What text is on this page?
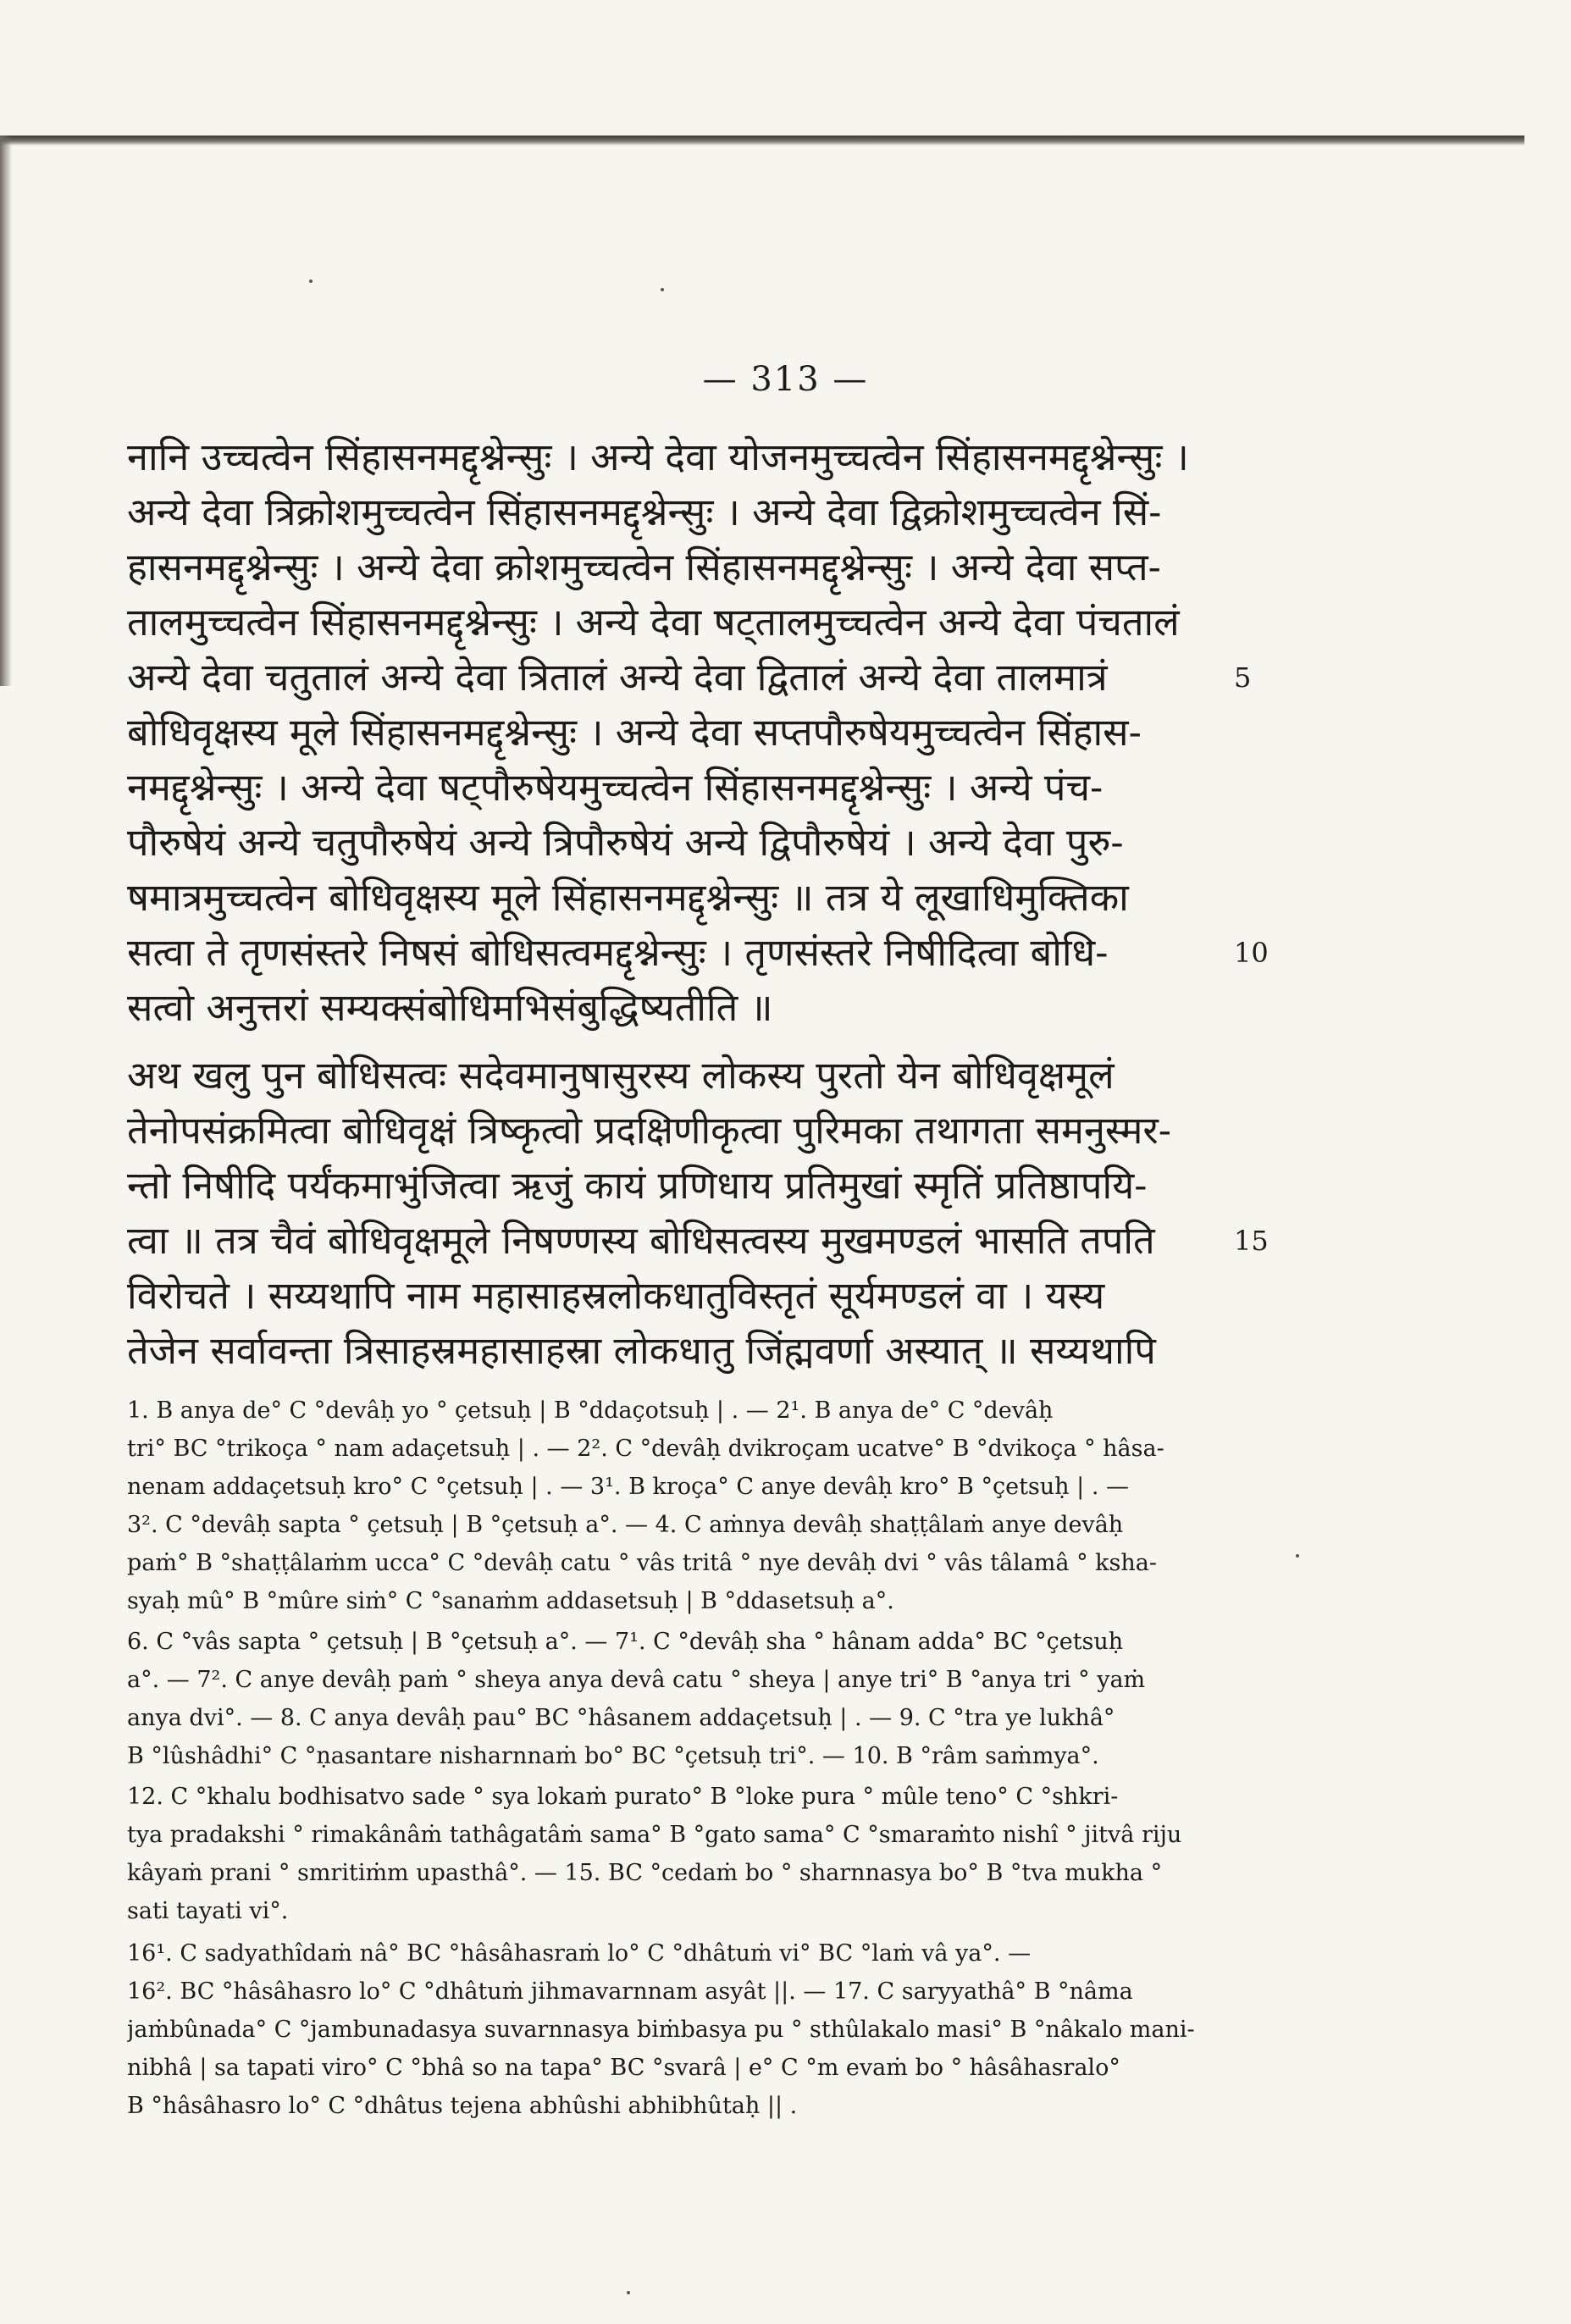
— 313 —
नानि उच्चत्वेन सिंहासनमद्दृश्नेन्सुः । अन्ये देवा योजनमुच्चत्वेन सिंहासनमद्दृश्नेन्सुः ।
अन्ये देवा त्रिक्रोशमुच्चत्वेन सिंहासनमद्दृश्नेन्सुः । अन्ये देवा द्विक्रोशमुच्चत्वेन सिं-
हासनमद्दृश्नेन्सुः । अन्ये देवा क्रोशमुच्चत्वेन सिंहासनमद्दृश्नेन्सुः । अन्ये देवा सप्त-
तालमुच्चत्वेन सिंहासनमद्दृश्नेन्सुः । अन्ये देवा षट्तालमुच्चत्वेन अन्ये देवा पंचतालं
अन्ये देवा चतुतालं अन्ये देवा त्रितालं अन्ये देवा द्वितालं अन्ये देवा तालमात्रं
बोधिवृक्षस्य मूले सिंहासनमद्दृश्नेन्सुः । अन्ये देवा सप्तपौरुषेयमुच्चत्वेन सिंहास-
नमद्दृश्नेन्सुः । अन्ये देवा षट्पौरुषेयमुच्चत्वेन सिंहासनमद्दृश्नेन्सुः । अन्ये पंच-
पौरुषेयं अन्ये चतुपौरुषेयं अन्ये त्रिपौरुषेयं अन्ये द्विपौरुषेयं । अन्ये देवा पुरु-
षमात्रमुच्चत्वेन बोधिवृक्षस्य मूले सिंहासनमद्दृश्नेन्सुः ॥ तत्र ये लूखाधिमुक्तिका
सत्वा ते तृणसंस्तरे निषसं बोधिसत्वमद्दृश्नेन्सुः । तृणसंस्तरे निषीदित्वा बोधि-
सत्वो अनुत्तरां सम्यक्संबोधिमभिसंबुद्धिष्यतीति ॥
अथ खलु पुन बोधिसत्वः सदेवमानुषासुरस्य लोकस्य पुरतो येन बोधिवृक्षमूलं
तेनोपसंक्रमित्वा बोधिवृक्षं त्रिष्कृत्वो प्रदक्षिणीकृत्वा पुरिमका तथागता समनुस्मर-
न्तो निषीदि पर्यंकमाभुंजित्वा ऋजुं कायं प्रणिधाय प्रतिमुखां स्मृतिं प्रतिष्ठापयि-
त्वा ॥ तत्र चैवं बोधिवृक्षमूले निषण्णस्य बोधिसत्वस्य मुखमण्डलं भासति तपति
विरोचते । सय्यथापि नाम महासाहस्रलोकधातुविस्तृतं सूर्यमण्डलं वा । यस्य
तेजेन सर्वावन्ता त्रिसाहस्रमहासाहस्रा लोकधातु जिंह्मवर्णा अस्यात् ॥ सय्यथापि
5
10
15
1. B anya de° C °devâḥ yo ° çetsuḥ | B °ddaçotsuḥ | . — 2¹. B anya de° C °devâḥ
tri° BC °trikoça ° nam adaçetsuḥ | . — 2². C °devâḥ dvikroçam ucatve° B °dvikoça ° hâsa-
nenam addaçetsuḥ kro° C °çetsuḥ | . — 3¹. B kroça° C anye devâḥ kro° B °çetsuḥ | . —
3². C °devâḥ sapta ° çetsuḥ | B °çetsuḥ a°. — 4. C aṁnya devâḥ shaṭṭâlaṁ anye devâḥ
paṁ° B °shaṭṭâlaṁm ucca° C °devâḥ catu ° vâs tritâ ° nye devâḥ dvi ° vâs tâlamâ ° ksha-
syaḥ mû° B °mûre siṁ° C °sanaṁm addasetsuḥ | B °ddasetsuḥ a°.
6. C °vâs sapta ° çetsuḥ | B °çetsuḥ a°. — 7¹. C °devâḥ sha ° hânam adda° BC °çetsuḥ
a°. — 7². C anye devâḥ paṁ ° sheya anya devâ catu ° sheya | anye tri° B °anya tri ° yaṁ
anya dvi°. — 8. C anya devâḥ pau° BC °hâsanem addaçetsuḥ | . — 9. C °tra ye lukhâ°
B °lûshâdhi° C °ṇasantare nisharnnaṁ bo° BC °çetsuḥ tri°. — 10. B °râm saṁmya°.
12. C °khalu bodhisatvo sade ° sya lokaṁ purato° B °loke pura ° mûle teno° C °shkri-
tya pradakshi ° rimakânâṁ tathâgatâṁ sama° B °gato sama° C °smaraṁto nishî ° jitvâ riju
kâyaṁ prani ° smritiṁm upasthâ°. — 15. BC °cedaṁ bo ° sharnnasya bo° B °tva mukha °
sati tayati vi°.
16¹. C sadyathîdaṁ nâ° BC °hâsâhasraṁ lo° C °dhâtuṁ vi° BC °laṁ vâ ya°. —
16². BC °hâsâhasro lo° C °dhâtuṁ jihmavarnnam asyât ||. — 17. C saryyathâ° B °nâma
jaṁbûnada° C °jambunadasya suvarnnasya biṁbasya pu ° sthûlakalo masi° B °nâkalo mani-
nibhâ | sa tapati viro° C °bhâ so na tapa° BC °svarâ | e° C °m evaṁ bo ° hâsâhasralo°
B °hâsâhasro lo° C °dhâtus tejena abhûshi abhibhûtaḥ || .
